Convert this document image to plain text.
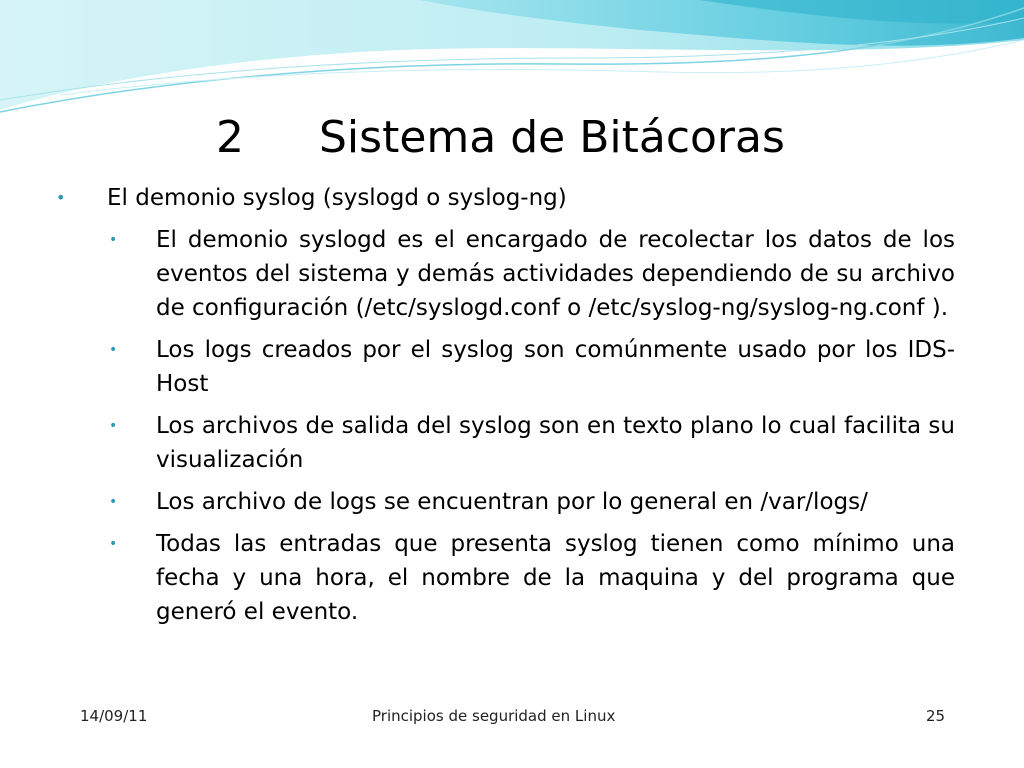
2 Sistema de Bitácoras
• El demonio syslog (syslogd o syslog-ng)
• El demonio syslogd es el encargado de recolectar los datos de los eventos del sistema y demás actividades dependiendo de su archivo de configuración (/etc/syslogd.conf o /etc/syslog-ng/syslog-ng.conf ).
• Los logs creados por el syslog son comúnmente usado por los IDS-Host
• Los archivos de salida del syslog son en texto plano lo cual facilita su visualización
• Los archivo de logs se encuentran por lo general en /var/logs/
• Todas las entradas que presenta syslog tienen como mínimo una fecha y una hora, el nombre de la maquina y del programa que generó el evento.
14/09/11	Principios de seguridad en Linux	25
